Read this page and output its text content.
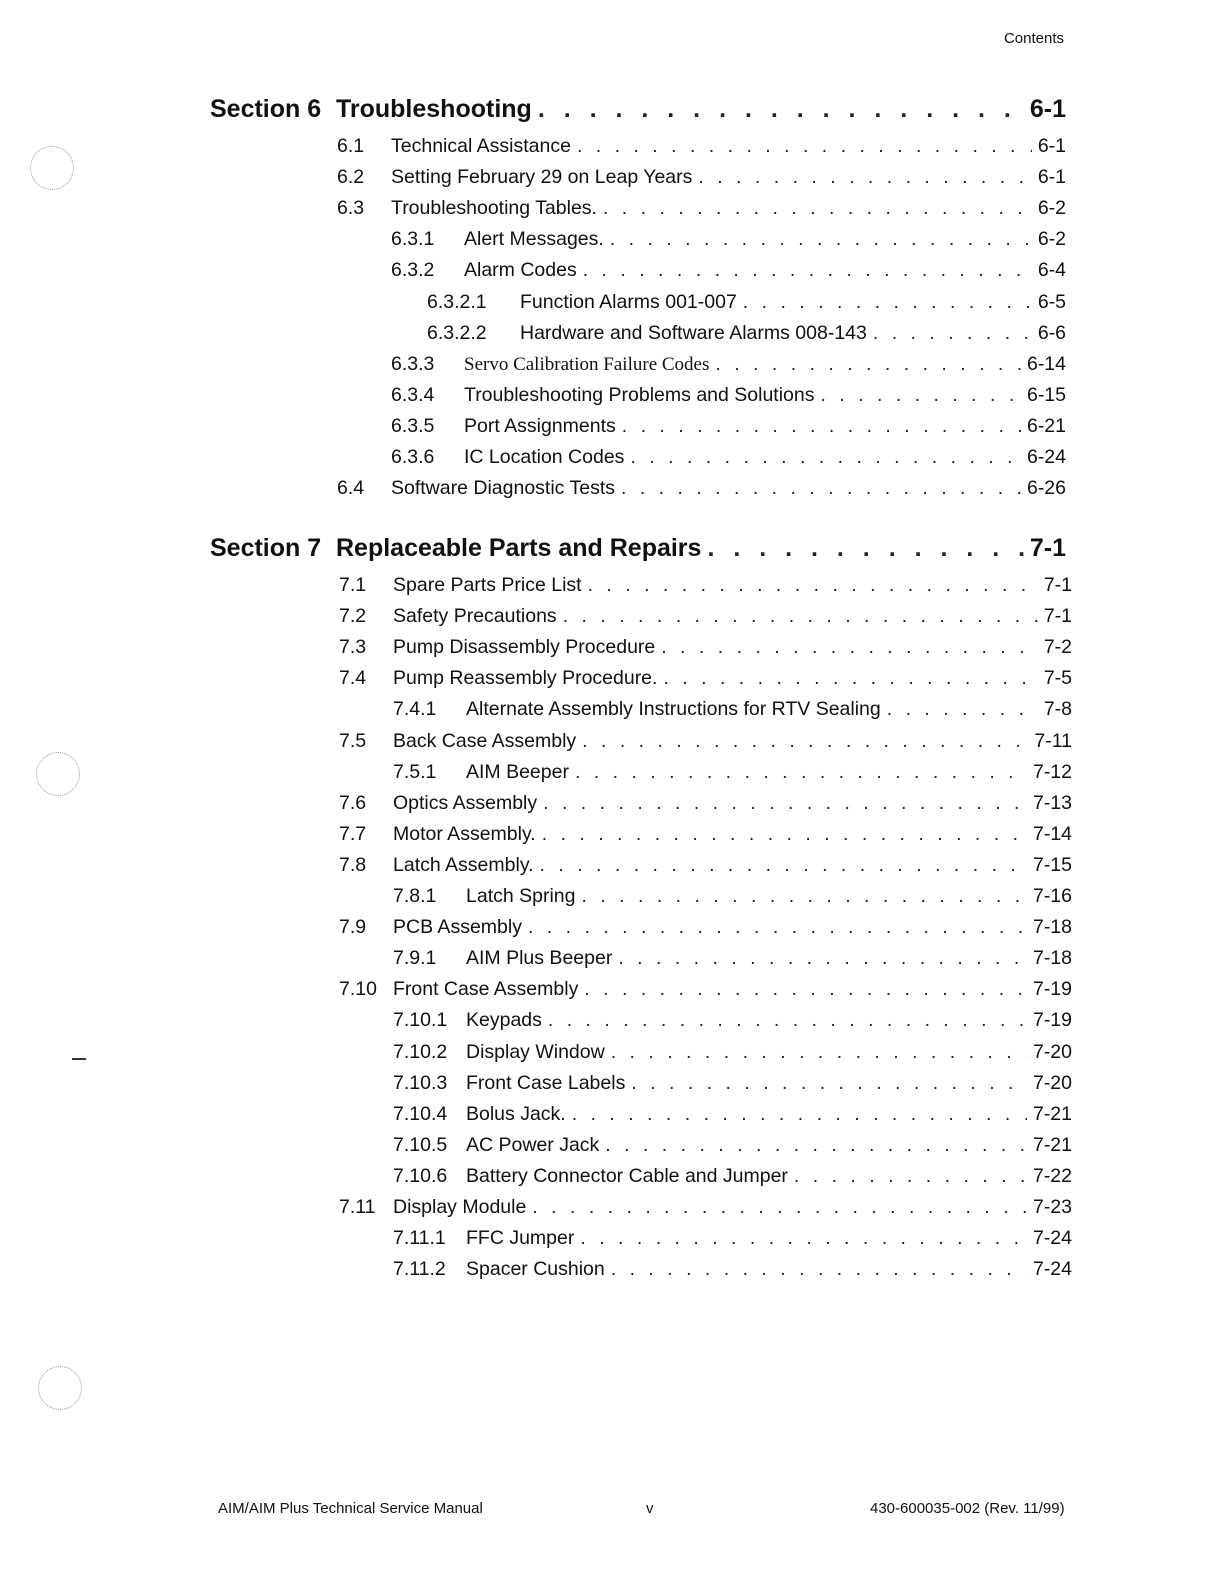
Contents
Section 6 Troubleshooting . . .	6-1
6.1	Technical Assistance . . .	6-1
6.2	Setting February 29 on Leap Years . . .	6-1
6.3	Troubleshooting Tables. . . .	6-2
6.3.1	Alert Messages. . . .	6-2
6.3.2	Alarm Codes . . .	6-4
6.3.2.1	Function Alarms 001-007 . . .	6-5
6.3.2.2	Hardware and Software Alarms 008-143 . . .	6-6
6.3.3	Servo Calibration Failure Codes . . .	6-14
6.3.4	Troubleshooting Problems and Solutions . . .	6-15
6.3.5	Port Assignments . . .	6-21
6.3.6	IC Location Codes . . .	6-24
6.4	Software Diagnostic Tests . . .	6-26
Section 7 Replaceable Parts and Repairs . . .	7-1
7.1	Spare Parts Price List . . .	7-1
7.2	Safety Precautions . . .	7-1
7.3	Pump Disassembly Procedure . . .	7-2
7.4	Pump Reassembly Procedure. . . .	7-5
7.4.1	Alternate Assembly Instructions for RTV Sealing . . .	7-8
7.5	Back Case Assembly . . .	7-11
7.5.1	AIM Beeper . . .	7-12
7.6	Optics Assembly . . .	7-13
7.7	Motor Assembly. . . .	7-14
7.8	Latch Assembly. . . .	7-15
7.8.1	Latch Spring . . .	7-16
7.9	PCB Assembly . . .	7-18
7.9.1	AIM Plus Beeper . . .	7-18
7.10 Front Case Assembly . . .	7-19
7.10.1 Keypads . . .	7-19
7.10.2 Display Window . . .	7-20
7.10.3 Front Case Labels . . .	7-20
7.10.4 Bolus Jack. . . .	7-21
7.10.5 AC Power Jack . . .	7-21
7.10.6 Battery Connector Cable and Jumper . . .	7-22
7.11 Display Module . . .	7-23
7.11.1	FFC Jumper . . .	7-24
7.11.2	Spacer Cushion . . .	7-24
AIM/AIM Plus Technical Service Manual	v	430-600035-002 (Rev. 11/99)
